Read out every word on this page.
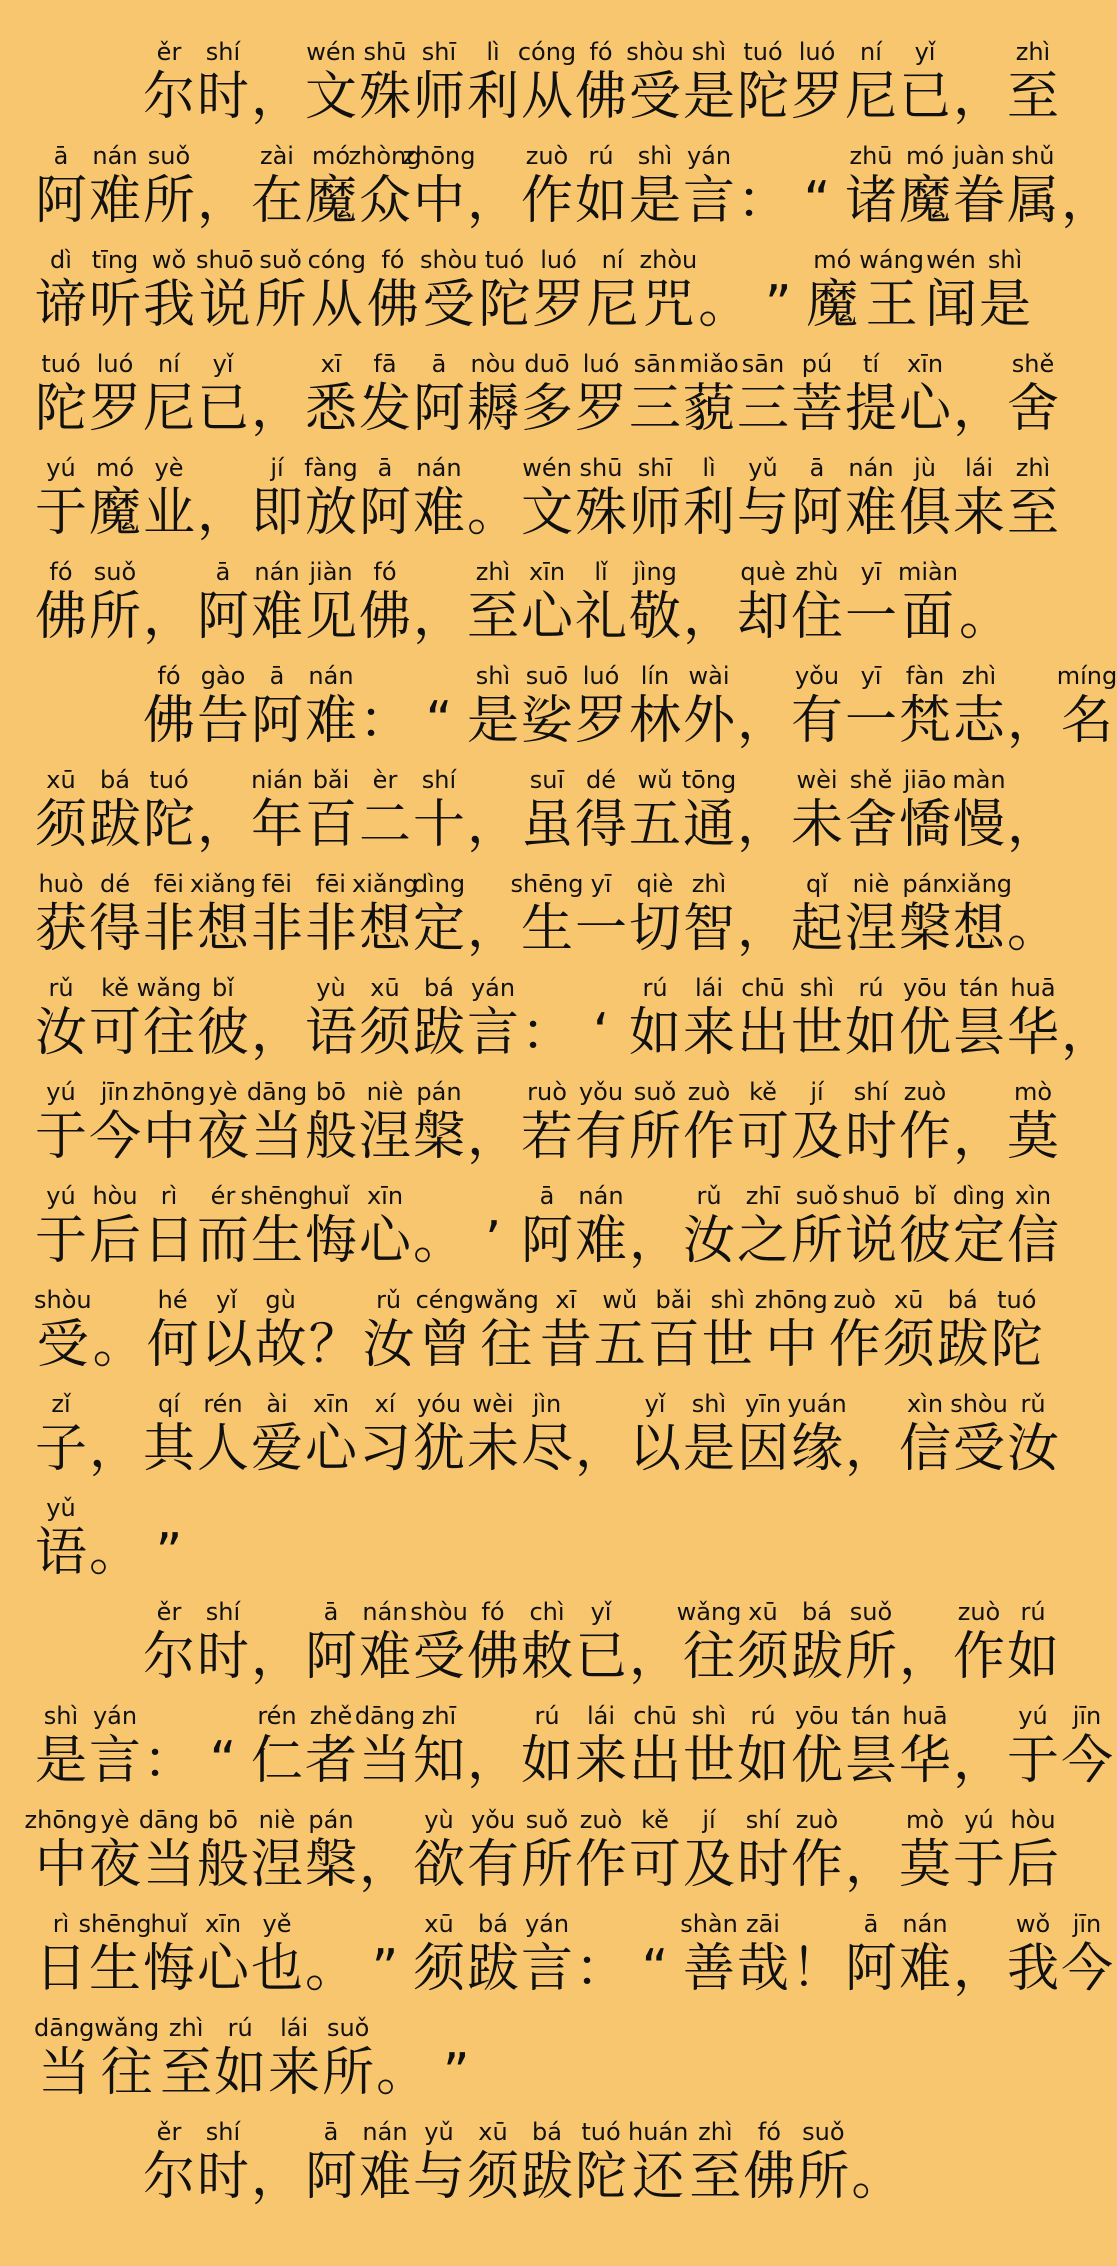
ěr
尔
shí
时 ，
wén
文
shū
殊
shī
师
lì
利
cóng
从
fó
佛
shòu
受
shì
是
tuó
陀
luó
罗
ní
尼
yǐ
已 ，
zhì
至
ā
阿
nán
难
suǒ
所 ，
zài
在
mó
魔
zhòng
众
zhōng
中 ，
zuò
作
rú
如
shì
是
yán
言 ： “
zhū
诸
mó
魔
juàn
眷
shǔ
属 ，
dì
谛
tīng
听
wǒ
我
shuō
说
suǒ
所
cóng
从
fó
佛
shòu
受
tuó
陀
luó
罗
ní
尼
zhòu
咒 。 ”
mó
魔
wáng
王
wén
闻
shì
是
tuó
陀
luó
罗
ní
尼
yǐ
已 ，
xī
悉
fā
发
ā
阿
nòu
耨
duō
多
luó
罗
sān
三
miǎo
藐
sān
三
pú
菩
tí
提
xīn
心 ，
shě
舍
yú
于
mó
魔
yè
业 ，
jí
即
fàng
放
ā
阿
nán
难 。
wén
文
shū
殊
shī
师
lì
利
yǔ
与
ā
阿
nán
难
jù
俱
lái
来
zhì
至
fó
佛
suǒ
所 ，
ā
阿
nán
难
jiàn
见
fó
佛 ，
zhì
至
xīn
心
lǐ
礼
jìng
敬 ，
què
却
zhù
住
yī
一
miàn
面 。
fó
佛
gào
告
ā
阿
nán
难 ： “
shì
是
suō
娑
luó
罗
lín
林
wài
外 ，
yǒu
有
yī
一
fàn
梵
zhì
志 ，
míng
名
xū
须
bá
跋
tuó
陀 ，
nián
年
bǎi
百
èr
二
shí
十 ，
suī
虽
dé
得
wǔ
五
tōng
通 ，
wèi
未
shě
舍
jiāo
憍
màn
慢 ，
huò
获
dé
得
fēi
非
xiǎng
想
fēi
非
fēi
非
xiǎng
想
dìng
定 ，
shēng
生
yī
一
qiè
切
zhì
智 ，
qǐ
起
niè
涅
pán
槃
xiǎng
想 。
rǔ
汝
kě
可
wǎng
往
bǐ
彼 ，
yù
语
xū
须
bá
跋
yán
言 ： ‘
rú
如
lái
来
chū
出
shì
世
rú
如
yōu
优
tán
昙
huā
华 ，
yú
于
jīn
今
zhōng
中
yè
夜
dāng
当
bō
般
niè
涅
pán
槃 ，
ruò
若
yǒu
有
suǒ
所
zuò
作
kě
可
jí
及
shí
时
zuò
作 ，
mò
莫
yú
于
hòu
后
rì
日
ér
而
shēng
生
huǐ
悔
xīn
心 。 ’
ā
阿
nán
难 ，
rǔ
汝
zhī
之
suǒ
所
shuō
说
bǐ
彼
dìng
定
xìn
信
shòu
受 。
hé
何
yǐ
以
gù
故 ？
rǔ
汝
céng
曾
wǎng
往
xī
昔
wǔ
五
bǎi
百
shì
世
zhōng
中
zuò
作
xū
须
bá
跋
tuó
陀
zǐ
子 ，
qí
其
rén
人
ài
爱
xīn
心
xí
习
yóu
犹
wèi
未
jìn
尽 ，
yǐ
以
shì
是
yīn
因
yuán
缘 ，
xìn
信
shòu
受
rǔ
汝
yǔ
语 。 ”
ěr
尔
shí
时 ，
ā
阿
nán
难
shòu
受
fó
佛
chì
敕
yǐ
已 ，
wǎng
往
xū
须
bá
跋
suǒ
所 ，
zuò
作
rú
如
shì
是
yán
言 ： “
rén
仁
zhě
者
dāng
当
zhī
知 ，
rú
如
lái
来
chū
出
shì
世
rú
如
yōu
优
tán
昙
huā
华 ，
yú
于
jīn
今
zhōng
中
yè
夜
dāng
当
bō
般
niè
涅
pán
槃 ，
yù
欲
yǒu
有
suǒ
所
zuò
作
kě
可
jí
及
shí
时
zuò
作 ，
mò
莫
yú
于
hòu
后
rì
日
shēng
生
huǐ
悔
xīn
心
yě
也 。 ”
xū
须
bá
跋
yán
言 ： “
shàn
善
zāi
哉 ！
ā
阿
nán
难 ，
wǒ
我
jīn
今
dāng
当
wǎng
往
zhì
至
rú
如
lái
来
suǒ
所 。 ”
ěr
尔
shí
时 ，
ā
阿
nán
难
yǔ
与
xū
须
bá
跋
tuó
陀
huán
还
zhì
至
fó
佛
suǒ
所 。
